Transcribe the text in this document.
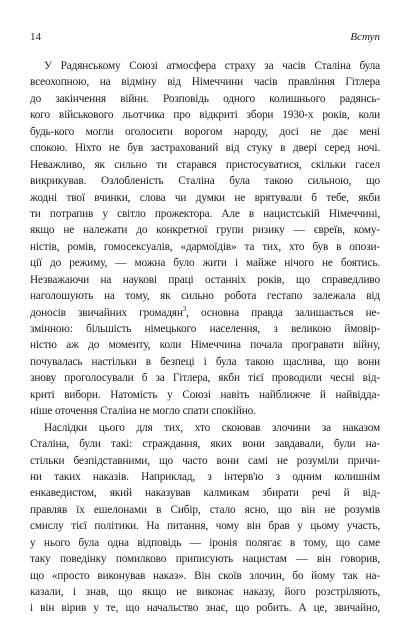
14	Вступ
У Радянському Союзі атмосфера страху за часів Сталіна була
всеохопною, на відміну від Німеччини часів правління Гітлера
до закінчення війни. Розповідь одного колишнього радянсь-
кого військового льотчика про відкриті збори 1930-х років, коли
будь-кого могли оголосити ворогом народу, досі не дає мені
спокою. Ніхто не був застрахований від стуку в двері серед ночі.
Неважливо, як сильно ти старався пристосуватися, скільки гасел
викрикував. Озлобленість Сталіна була такою сильною, що
жодні твої вчинки, слова чи думки не врятували б тебе, якби
ти потрапив у світло прожектора. Але в нацистській Німеччині,
якщо не належати до конкретної групи ризику — євреїв, кому-
ністів, ромів, гомосексуалів, «дармоїдів» та тих, хто був в опози-
ції до режиму, — можна було жити і майже нічого не боятись.
Незважаючи на наукові праці останніх років, що справедливо
наголошують на тому, як сильно робота гестапо залежала від
доносів звичайних громадян$^3$, основна правда залишається не-
змінною: більшість німецького населення, з великою ймовір-
ністю аж до моменту, коли Німеччина почала програвати війну,
почувалась настільки в безпеці і була такою щаслива, що вони
знову проголосували б за Гітлера, якби тієї проводили чесні від-
криті вибори. Натомість у Союзі навіть найближче й найвідда-
ніше оточення Сталіна не могло спати спокійно.
Наслідки цього для тих, хто скоював злочини за наказом
Сталіна, були такі: страждання, яких вони завдавали, були на-
стільки безпідставними, що часто вони самі не розуміли причи-
ни таких наказів. Наприклад, з інтерв'ю з одним колишнім
енкаведистом, який наказував калмикам збирати речі й від-
правляв їх ешелонами в Сибір, стало ясно, що він не розумів
смислу тієї політики. На питання, чому він брав у цьому участь,
у нього була одна відповідь — іронія полягає в тому, що саме
таку поведінку помилково приписують нацистам — він говорив,
що «просто виконував наказ». Він скоїв злочин, бо йому так на-
казали, і знав, що якщо не виконає наказу, його розстріляють,
і він вірив у те, що начальство знає, що робить. А це, звичайно,
